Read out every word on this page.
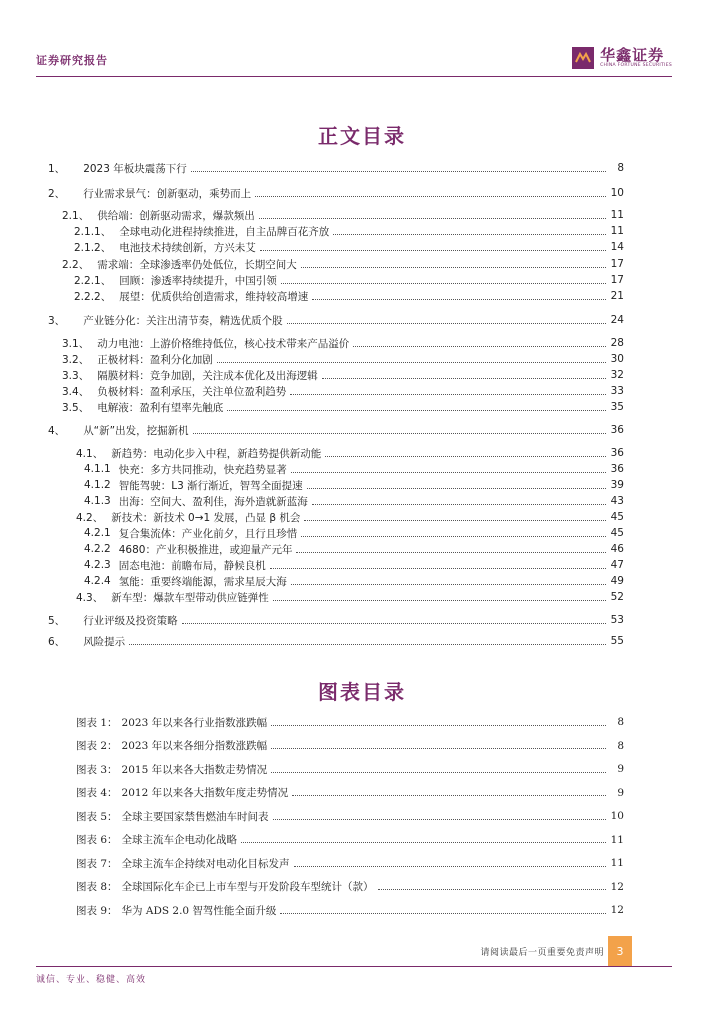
证券研究报告	华鑫证券
CHINA FORTUNE SECURITIES
正文目录
1、 2023 年板块震荡下行	8
2、 行业需求景气：创新驱动，乘势而上	10
2.1、 供给端：创新驱动需求，爆款频出	11
2.1.1、 全球电动化进程持续推进，自主品牌百花齐放	11
2.1.2、 电池技术持续创新，方兴未艾	14
2.2、 需求端：全球渗透率仍处低位，长期空间大	17
2.2.1、 回顾：渗透率持续提升，中国引领	17
2.2.2、 展望：优质供给创造需求，维持较高增速	21
3、 产业链分化：关注出清节奏，精选优质个股	24
3.1、 动力电池：上游价格维持低位，核心技术带来产品溢价	28
3.2、 正极材料：盈利分化加剧	30
3.3、 隔膜材料：竞争加剧，关注成本优化及出海逻辑	32
3.4、 负极材料：盈利承压，关注单位盈利趋势	33
3.5、 电解液：盈利有望率先触底	35
4、 从“新”出发，挖掘新机	36
4.1、 新趋势：电动化步入中程，新趋势提供新动能	36
4.1.1 快充：多方共同推动，快充趋势显著	36
4.1.2 智能驾驶：L3 渐行渐近，智驾全面提速	39
4.1.3 出海：空间大、盈利佳，海外造就新蓝海	43
4.2、 新技术：新技术 0→1 发展，凸显 β 机会	45
4.2.1 复合集流体：产业化前夕，且行且珍惜	45
4.2.2 4680：产业积极推进，或迎量产元年	46
4.2.3 固态电池：前瞻布局，静候良机	47
4.2.4 氢能：重要终端能源，需求星辰大海	49
4.3、 新车型：爆款车型带动供应链弹性	52
5、 行业评级及投资策略	53
6、 风险提示	55
图表目录
图表 1： 2023 年以来各行业指数涨跌幅	8
图表 2： 2023 年以来各细分指数涨跌幅	8
图表 3： 2015 年以来各大指数走势情况	9
图表 4： 2012 年以来各大指数年度走势情况	9
图表 5： 全球主要国家禁售燃油车时间表	10
图表 6： 全球主流车企电动化战略	11
图表 7： 全球主流车企持续对电动化目标发声	11
图表 8： 全球国际化车企已上市车型与开发阶段车型统计（款）	12
图表 9： 华为 ADS 2.0 智驾性能全面升级	12
请阅读最后一页重要免责声明	3
诚信、专业、稳健、高效
